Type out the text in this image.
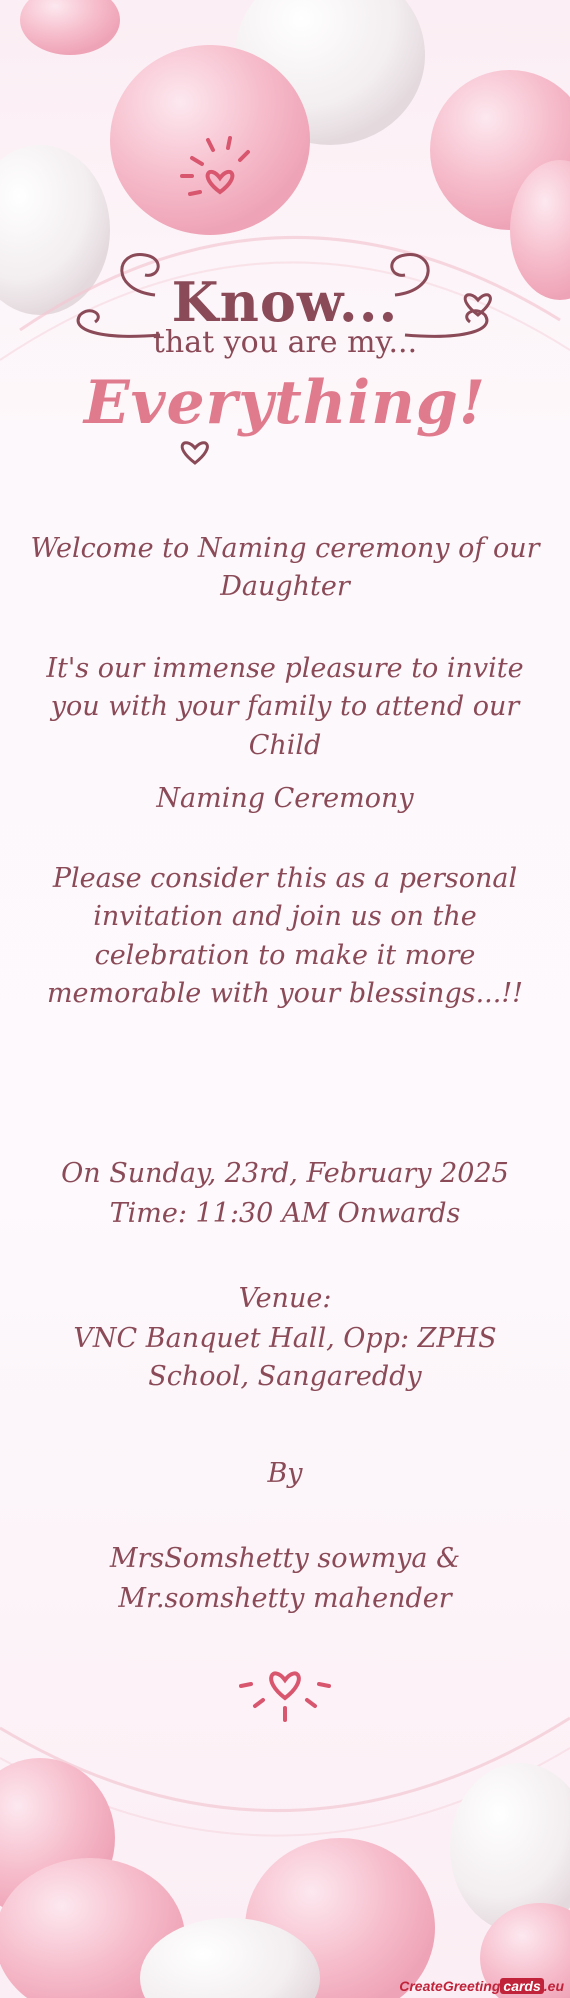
Know...
that you are my...
Everything!
Welcome to Naming ceremony of our Daughter
It's our immense pleasure to invite you with your family to attend our Child
Naming Ceremony
Please consider this as a personal invitation and join us on the celebration to make it more memorable with your blessings...!!
On Sunday, 23rd, February 2025
Time: 11:30 AM Onwards
Venue:
VNC Banquet Hall, Opp: ZPHS School, Sangareddy
By
MrsSomshetty sowmya &
Mr.somshetty mahender
CreateGreeting cards .eu
